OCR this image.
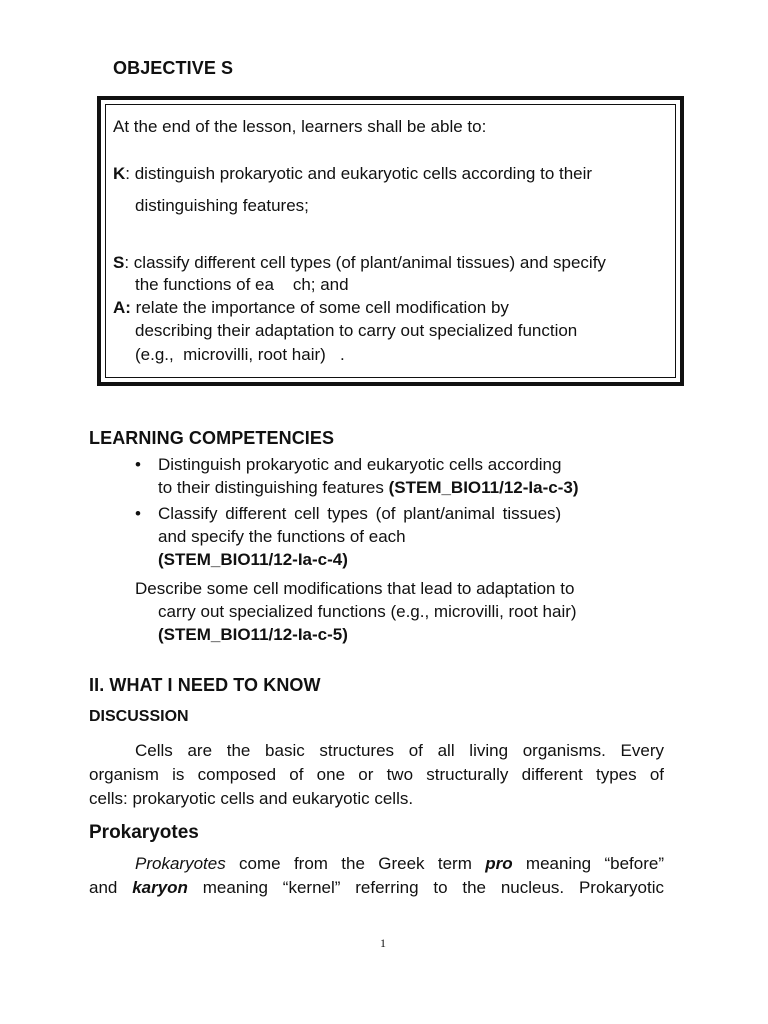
OBJECTIVE S
At the end of the lesson, learners shall be able to:
K: distinguish prokaryotic and eukaryotic cells according to their
distinguishing features;
S: classify different cell types (of plant/animal tissues) and specify
the functions of ea    ch; and
A: relate the importance of some cell modification by
describing their adaptation to carry out specialized function
(e.g.,  microvilli, root hair)   .
LEARNING COMPETENCIES
• Distinguish prokaryotic and eukaryotic cells according
to their distinguishing features (STEM_BIO11/12-Ia-c-3)
• Classify different cell types (of plant/animal tissues)
and specify the functions of each
(STEM_BIO11/12-Ia-c-4)
Describe some cell modifications that lead to adaptation to
carry out specialized functions (e.g., microvilli, root hair)
(STEM_BIO11/12-Ia-c-5)
II. WHAT I NEED TO KNOW
DISCUSSION
Cells are the basic structures of all living organisms. Every
organism is composed of one or two structurally different types of
cells: prokaryotic cells and eukaryotic cells.
Prokaryotes
Prokaryotes come from the Greek term pro meaning “before”
and karyon meaning “kernel” referring to the nucleus. Prokaryotic
1
